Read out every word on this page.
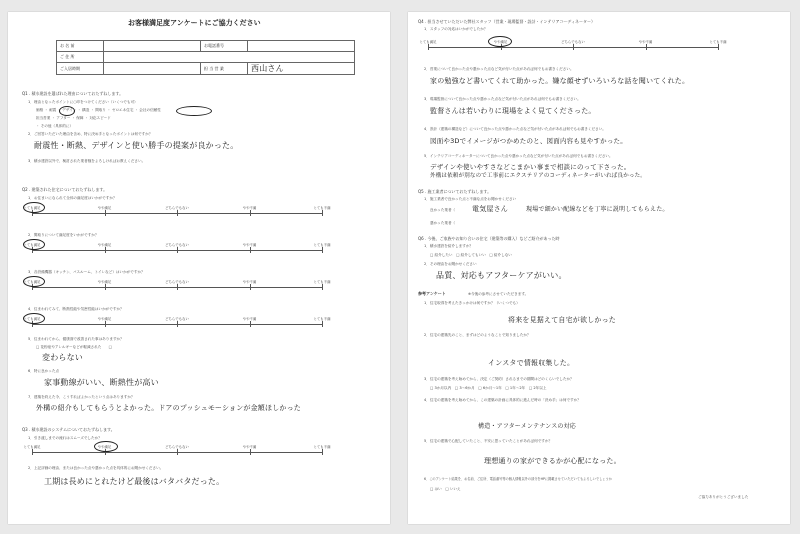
お客様満足度アンケートにご協力ください
お 名 前		お電話番号	
ご 住 所			
ご入居時期		担 当 営 業	西山さん
Q1 . 積水建設を選ばれた理由についておたずねします。
1．理由となったポイントに○印をつけてください（いくつでも可）
価格 ・ 耐震 ・ デザイン ・ 構造 ・ 間取り ・ ゼロエネ住宅 ・ 会社の信頼性
担当営業 ・ アフター ・ 保障 ・ 対応スピード
・ その他（具体的に）
2．ご回答いただいた理由を含め、特に決め手となったポイントは何ですか？
耐震性・断熱、デザインと使い勝手の提案が良かった。
3．積水建設以外で、検討された業者様をよろしければお教えください。
Q2 . 建築された住宅についておたずねします。
1．お住まいになられて全体の満足度はいかがですか？
とても満足	やや満足	どちらでもない	やや不満	とても不満
2．間取りについて満足度をいかがですか？
とても満足	やや満足	どちらでもない	やや不満	とても不満
3．各設備機器（キッチン、バスルーム、トイレなど）はいかがですか？
とても満足	やや満足	どちらでもない	やや不満	とても不満
4．住まわれてみて、断熱性能や気密性能はいかがですか？
とても満足	やや満足	どちらでもない	やや不満	とても不満
5．住まわれてから、健康面で改善された事はありますか？
□ 花粉症やアレルギーなどが軽減された　　□
変わらない
6．特に良かった点
家事動線がいい、断熱性が高い
7．建築を終えた今、こうすればよかったという点はありますか？
外構の紹介もしてもらうとよかった。ドアのプッシュモーションが金額ほしかった
Q3 . 積水建設のシステムについておたずねします。
1．引き渡しまでの流れはスムーズでしたか？
とても満足	やや満足	どちらでもない	やや不満	とても不満
2．上記評価の理由、または良かった点や悪かった点を具体的にお聞かせください。
工期は長めにとれたけど最後はバタバタだった。
Q4 . 担当させていただいた弊社スタッフ（営業・現場監督・設計・インテリアコーディネーター）
1．スタッフの対応はいかがでしたか？
とても満足	やや満足	どちらでもない	やや不満	とても不満
2．営業について良かった点や悪かった点など気が付いた点があれば何でもお書きください。
家の勉強など書いてくれて助かった。嫌な顔せずいろいろな話を聞いてくれた。
3．現場監督について良かった点や悪かった点など気が付いた点があれば何でもお書きください。
監督さんは若いわりに現場をよく見てくださった。
4．設計（建築の構造など）について良かった点や悪かった点など気が付いた点があれば何でもお書きください。
図面や3Dでイメージがつかめたのと、図面内容も見やすかった。
5．インテリアコーディネーターについて良かった点や悪かった点など気が付いた点があれば何でもお書きください。
デザインや使いやすさなどこまかい事まで相談にのって下さった。
外構は依頼が別なので工事前にエクステリアのコーディネーターがいれば良かった。
Q5 . 施工業者についておたずねします。
1．施工業者で良かった点と不満な点をお聞かせください
良かった業者（ 電気屋さん	現場で細かい配線などを丁寧に説明してもらえた。
悪かった業者（
Q6 . 今後、ご家族やお知り合いの住宅（建築等の購入）などご紹介があった時
1．積水建設を紹介しますか？
□ 紹介したい　□ 紹介してもいい　□ 紹介しない
2．その理由をお聞かせください
品質、対応もアフターケアがいい。
参考アンケート	※今後の参考にさせていただきます。
1．住宅取得を考えたきっかけは何ですか？（いくつでも）
将来を見据えて自宅が欲しかった
2．住宅の建築先のこと、まずはどのようなことで知りましたか？
インスタで情報収集した。
3．住宅の建築を考え始めてから、決定（ご契約）されるまでの期間はどのくらいでしたか？
□ 3か月以内　□ 3〜6か月　□ 6か月〜1年　□ 1年〜2年　□ 2年以上
4．住宅の建築を考え始めてから、この建築の計画に具体的に進んだ時の「決め手」は何ですか？
構造・アフターメンテナンスの対応
5．住宅の建築で心配していたこと、不安に思っていたことがあれば何ですか？
理想通りの家ができるかが心配になった。
6．このアンケート結果を、お名前、ご住所、電話番号等の個人情報以外の部分をHPに掲載させていただいてもよろしいでしょうか
□ はい　□ いいえ
ご協力ありがとうございました
